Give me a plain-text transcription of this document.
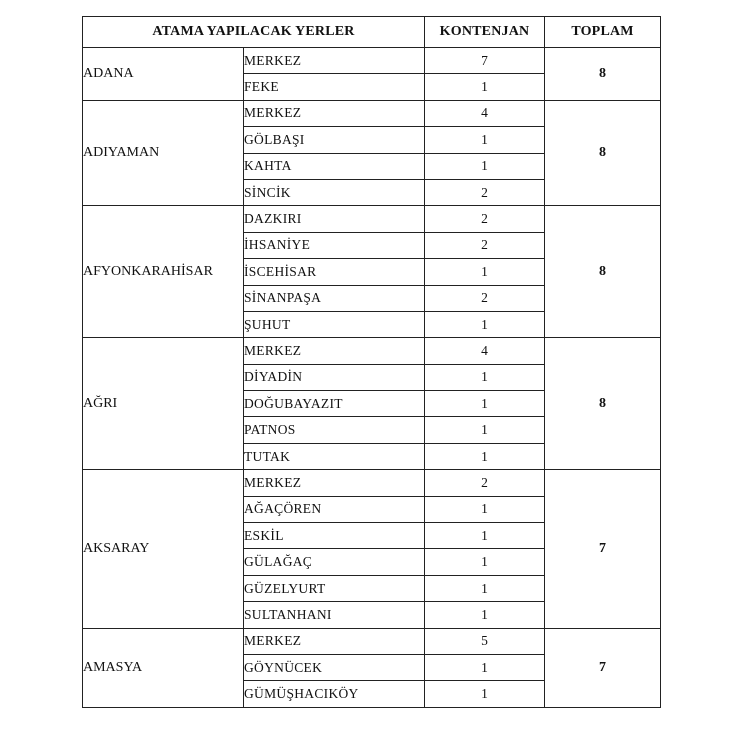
ATAMA YAPILACAK YERLER		KONTENJAN	TOPLAM
ADANA	MERKEZ	7	8
	FEKE	1	
ADIYAMAN	MERKEZ	4	8
	GÖLBAŞI	1	
	KAHTA	1	
	SİNCİK	2	
AFYONKARAHİSAR	DAZKIRI	2	8
	İHSANİYE	2	
	İSCEHİSAR	1	
	SİNANPAŞA	2	
	ŞUHUT	1	
AĞRI	MERKEZ	4	8
	DİYADİN	1	
	DOĞUBAYAZIT	1	
	PATNOS	1	
	TUTAK	1	
AKSARAY	MERKEZ	2	7
	AĞAÇÖREN	1	
	ESKİL	1	
	GÜLAĞAÇ	1	
	GÜZELYURT	1	
	SULTANHANI	1	
AMASYA	MERKEZ	5	7
	GÖYNÜCEK	1	
	GÜMÜŞHACIKÖY	1	
